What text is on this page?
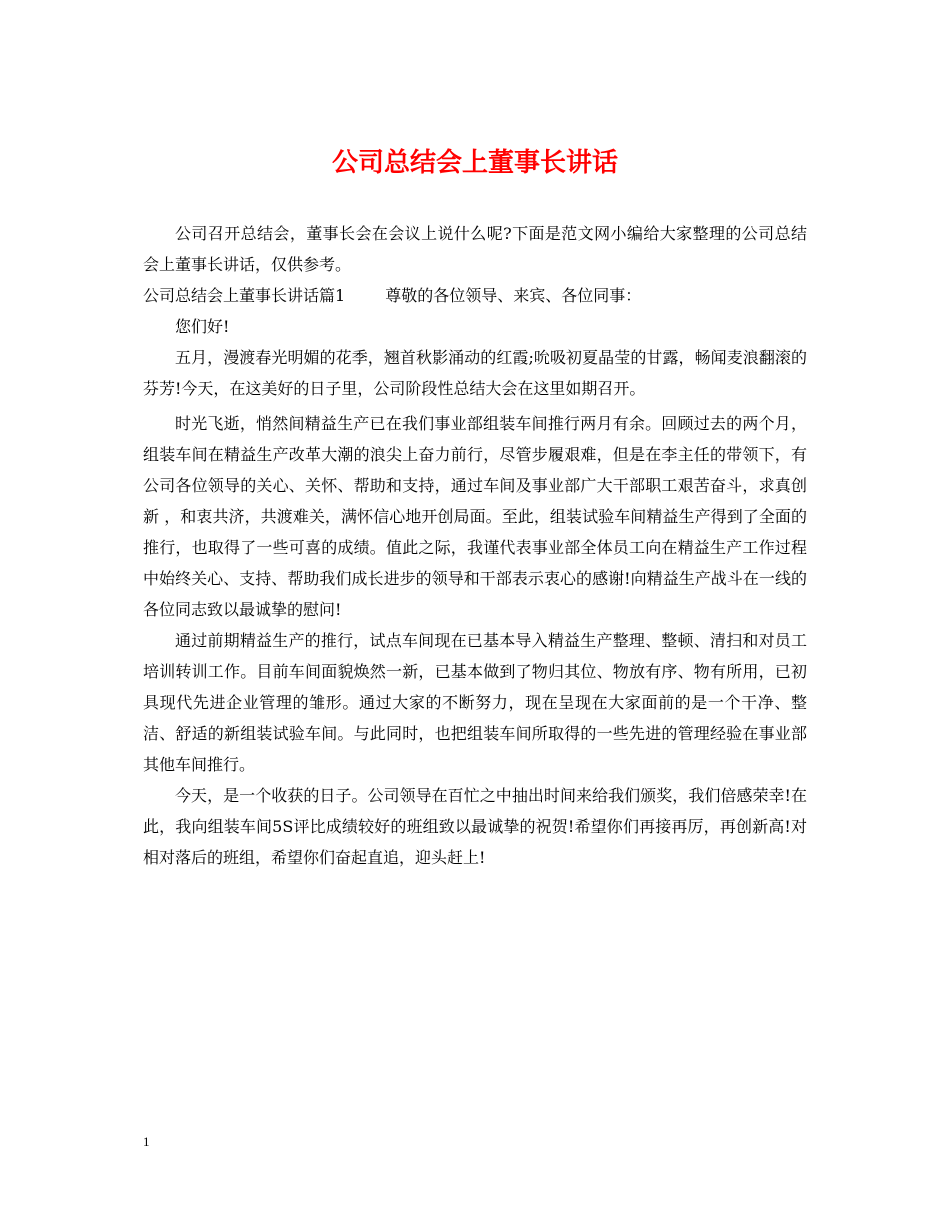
公司总结会上董事长讲话

公司召开总结会，董事长会在会议上说什么呢?下面是范文网小编给大家整理的公司总结会上董事长讲话，仅供参考。

公司总结会上董事长讲话篇1	尊敬的各位领导、来宾、各位同事：

您们好!

五月，漫渡春光明媚的花季，翘首秋影涌动的红霞;吮吸初夏晶莹的甘露，畅闻麦浪翻滚的芬芳!今天，在这美好的日子里，公司阶段性总结大会在这里如期召开。

时光飞逝，悄然间精益生产已在我们事业部组装车间推行两月有余。回顾过去的两个月，组装车间在精益生产改革大潮的浪尖上奋力前行，尽管步履艰难，但是在李主任的带领下，有公司各位领导的关心、关怀、帮助和支持，通过车间及事业部广大干部职工艰苦奋斗，求真创新 ，和衷共济，共渡难关，满怀信心地开创局面。至此，组装试验车间精益生产得到了全面的推行，也取得了一些可喜的成绩。值此之际，我谨代表事业部全体员工向在精益生产工作过程中始终关心、支持、帮助我们成长进步的领导和干部表示衷心的感谢!向精益生产战斗在一线的各位同志致以最诚挚的慰问!

通过前期精益生产的推行，试点车间现在已基本导入精益生产整理、整顿、清扫和对员工培训转训工作。目前车间面貌焕然一新，已基本做到了物归其位、物放有序、物有所用，已初具现代先进企业管理的雏形。通过大家的不断努力，现在呈现在大家面前的是一个干净、整洁、舒适的新组装试验车间。与此同时，也把组装车间所取得的一些先进的管理经验在事业部其他车间推行。

今天，是一个收获的日子。公司领导在百忙之中抽出时间来给我们颁奖，我们倍感荣幸!在此，我向组装车间5S评比成绩较好的班组致以最诚挚的祝贺!希望你们再接再厉，再创新高!对相对落后的班组，希望你们奋起直追，迎头赶上!

1
